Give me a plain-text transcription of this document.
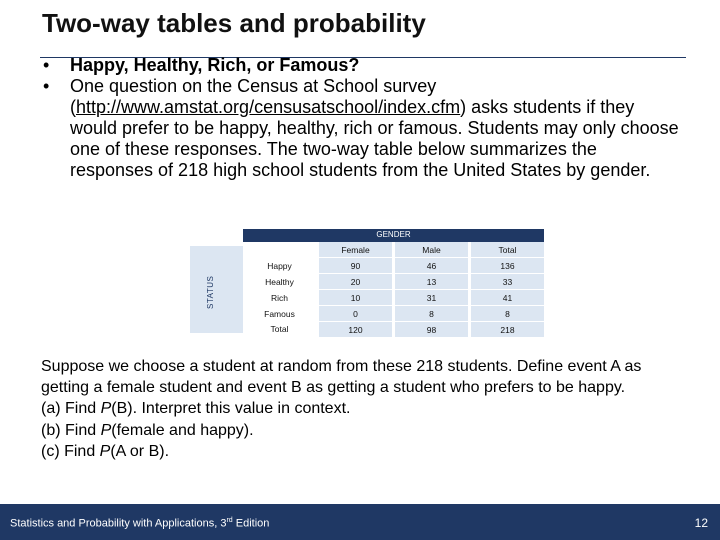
Two-way tables and probability
• Happy, Healthy, Rich, or Famous?
• One question on the Census at School survey (http://www.amstat.org/censusatschool/index.cfm) asks students if they would prefer to be happy, healthy, rich or famous. Students may only choose one of these responses. The two-way table below summarizes the responses of 218 high school students from the United States by gender.
STATUS
GENDER
	Female	Male	Total
Happy	90	46	136
Healthy	20	13	33
Rich	10	31	41
Famous	0	8	8
Total	120	98	218

Suppose we choose a student at random from these 218 students. Define event A as getting a female student and event B as getting a student who prefers to be happy.

(a) Find P(B). Interpret this value in context.

(b) Find P(female and happy).

(c) Find P(A or B).

Statistics and Probability with Applications, 3rd Edition	12
